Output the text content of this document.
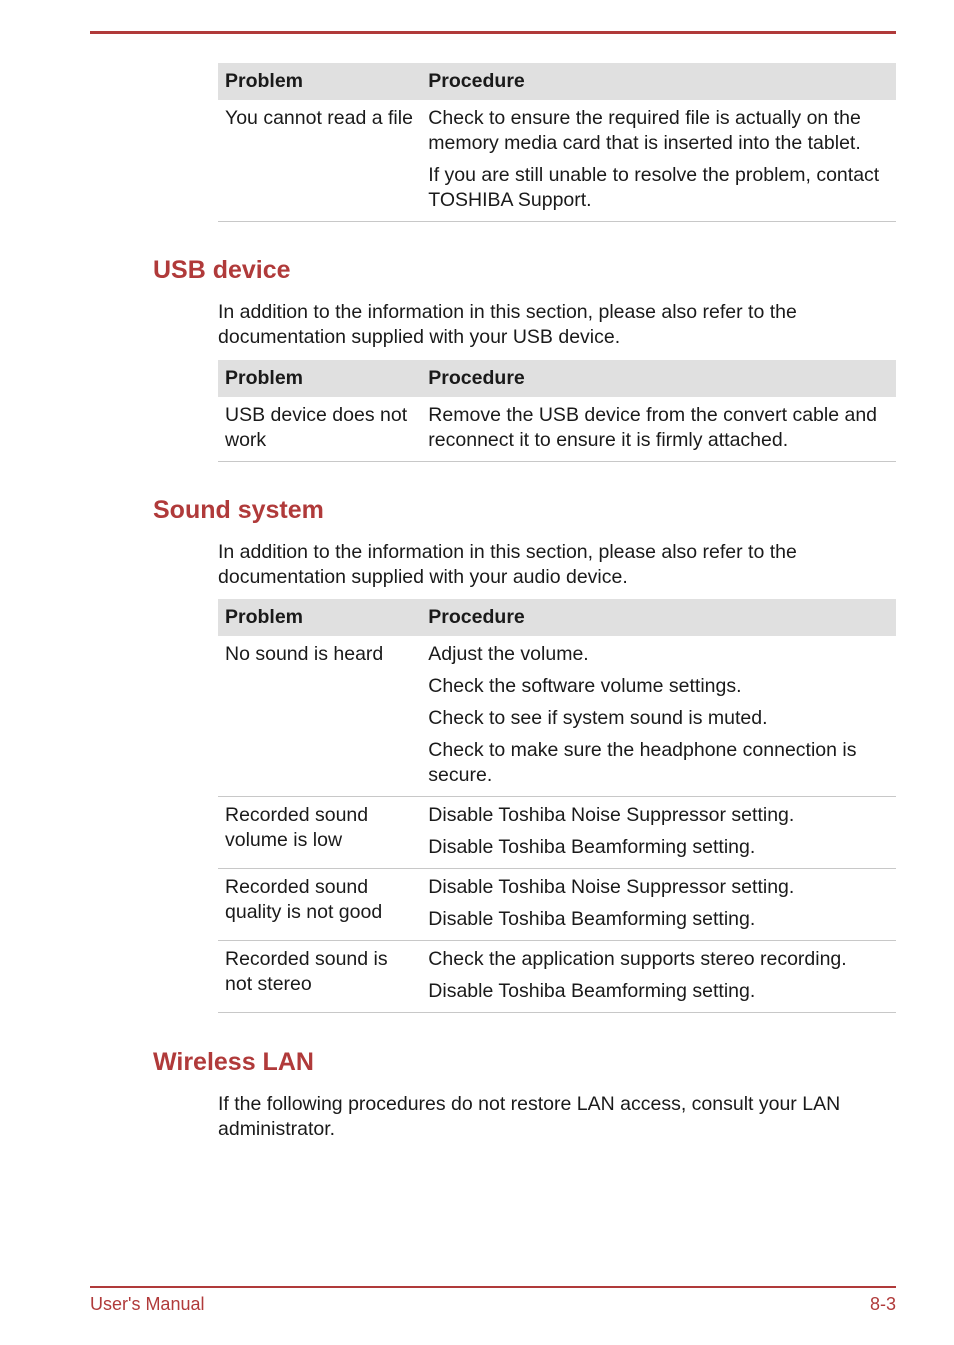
Problem	Procedure
You cannot read a file	Check to ensure the required file is actually on the memory media card that is inserted into the tablet.

If you are still unable to resolve the problem, contact TOSHIBA Support.

USB device

In addition to the information in this section, please also refer to the documentation supplied with your USB device.

Problem	Procedure
USB device does not work	Remove the USB device from the convert cable and reconnect it to ensure it is firmly attached.

Sound system

In addition to the information in this section, please also refer to the documentation supplied with your audio device.

Problem	Procedure
No sound is heard	Adjust the volume.

Check the software volume settings.

Check to see if system sound is muted.

Check to make sure the headphone connection is secure.

Recorded sound volume is low	Disable Toshiba Noise Suppressor setting.

Disable Toshiba Beamforming setting.

Recorded sound quality is not good	Disable Toshiba Noise Suppressor setting.

Disable Toshiba Beamforming setting.

Recorded sound is not stereo	Check the application supports stereo recording.

Disable Toshiba Beamforming setting.

Wireless LAN

If the following procedures do not restore LAN access, consult your LAN administrator.

User's Manual	8-3
